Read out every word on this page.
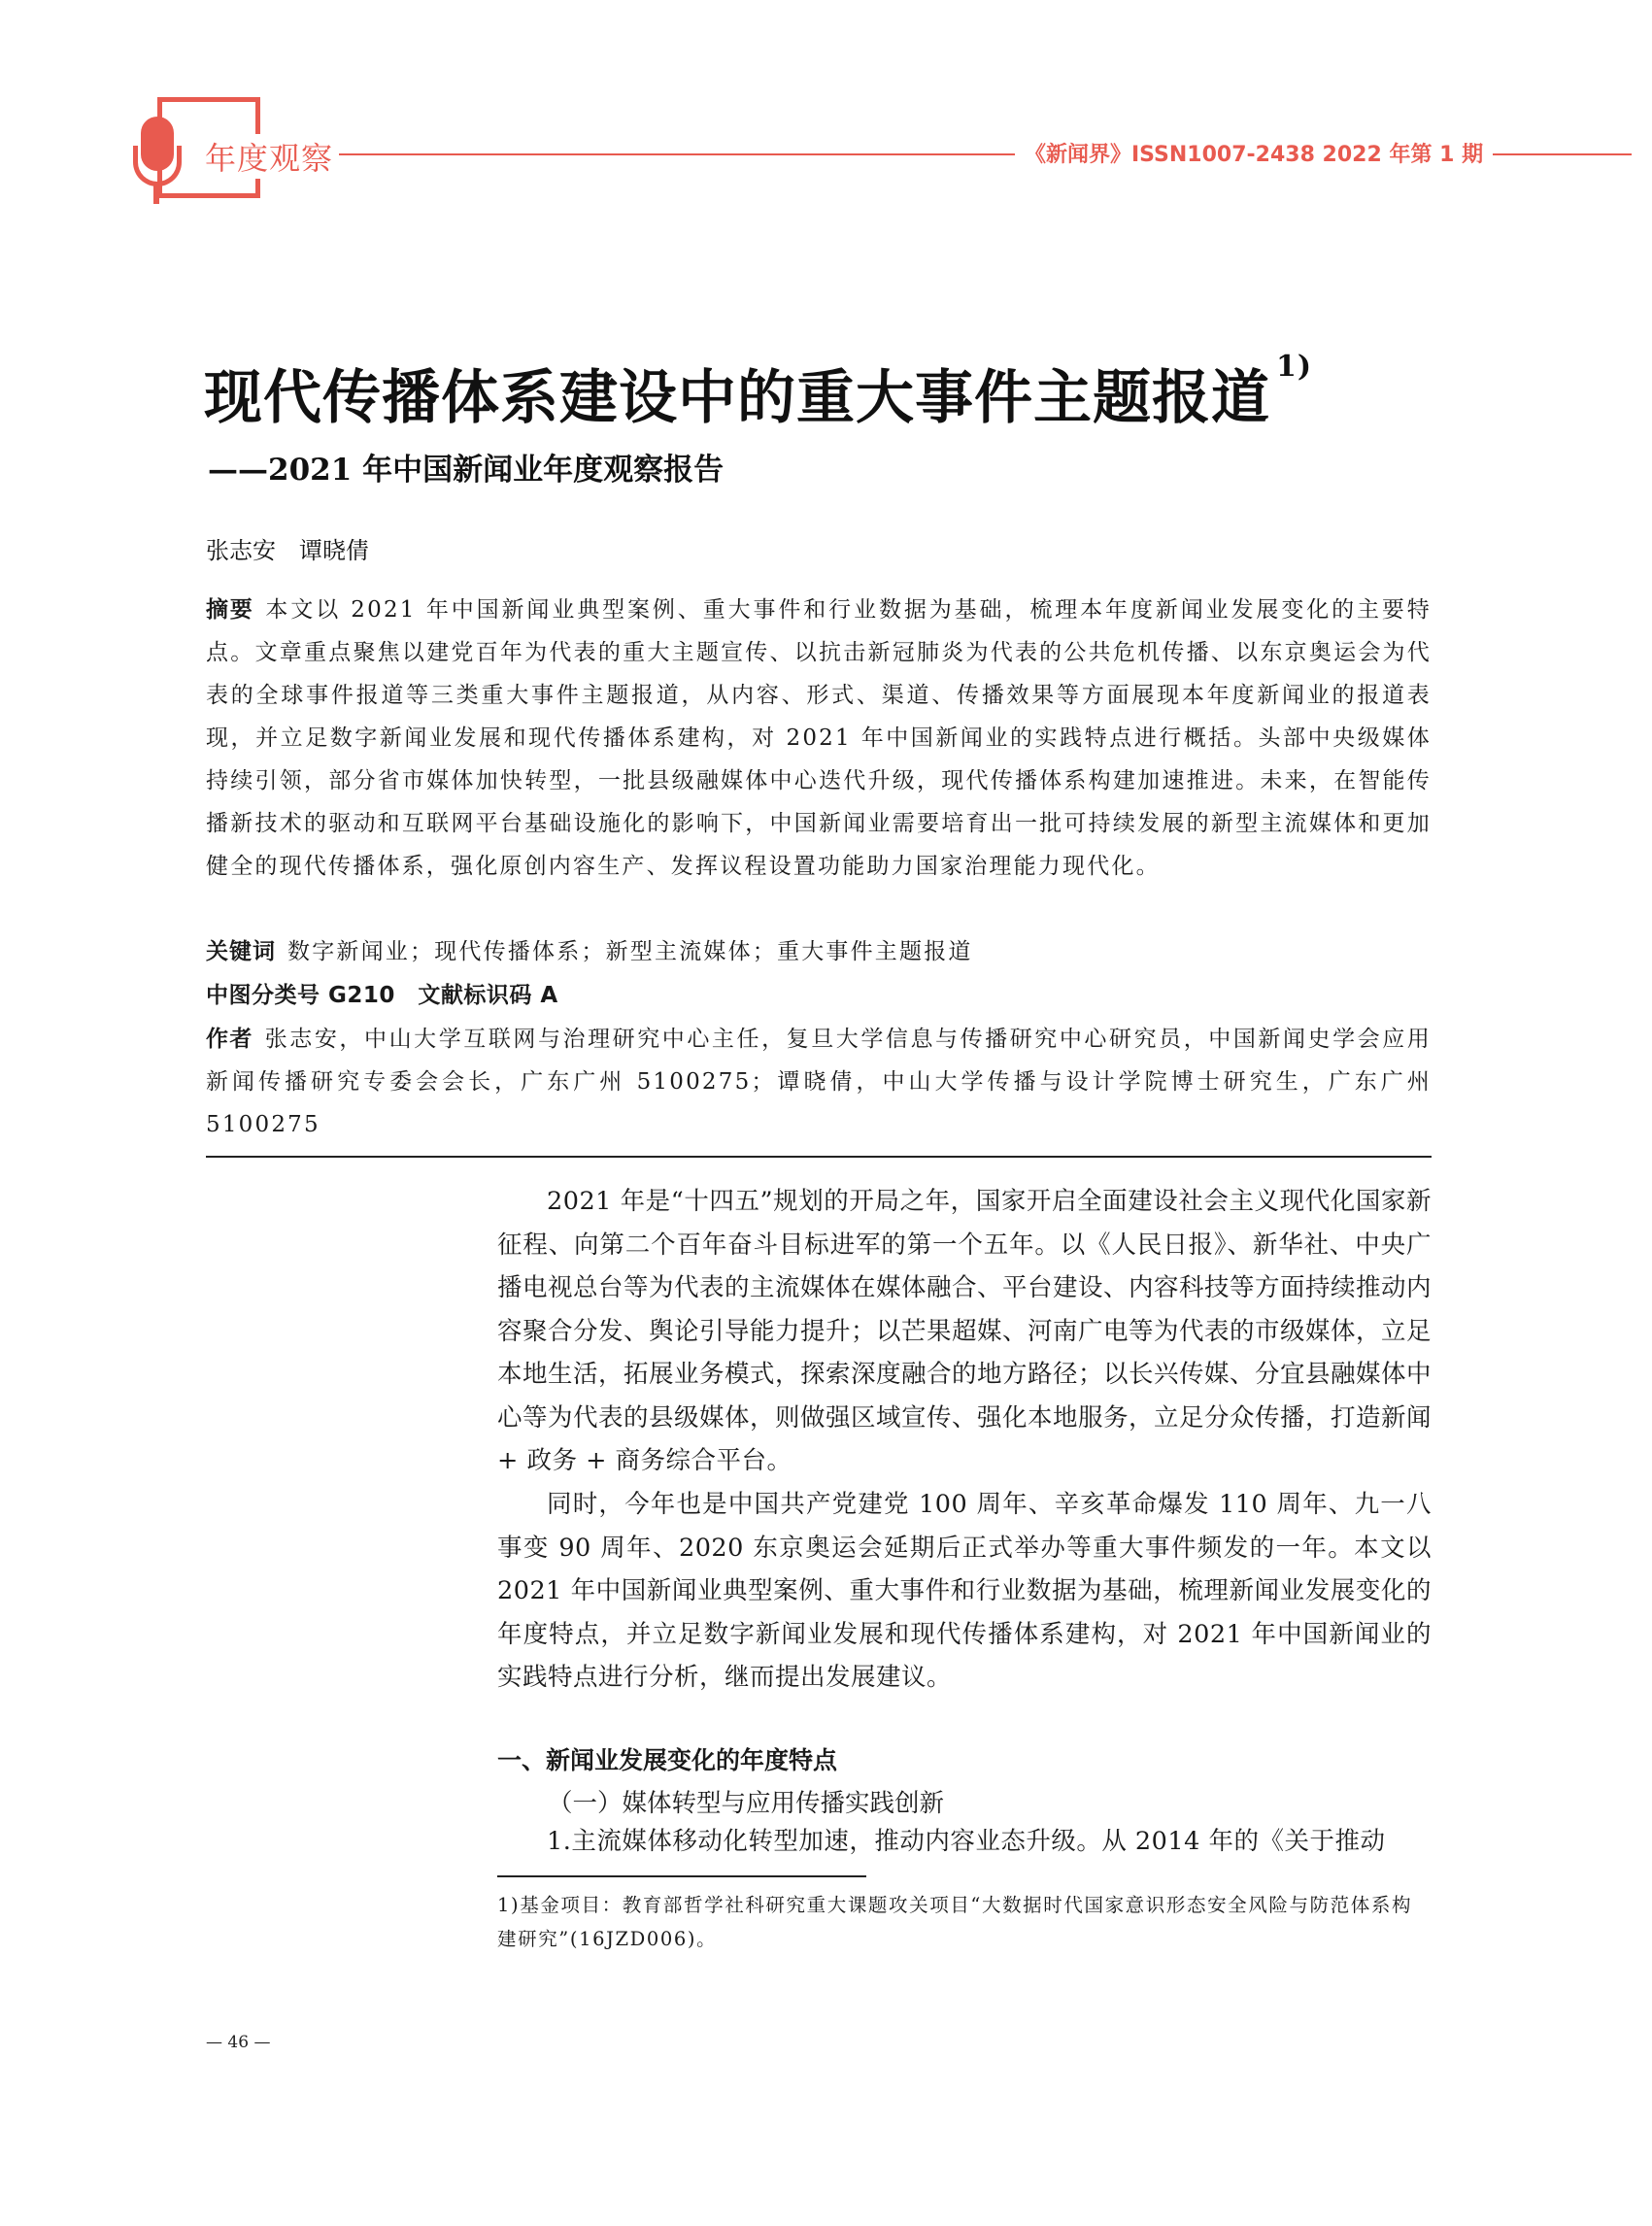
年度观察	《新闻界》ISSN1007-2438 2022 年第 1 期
现代传播体系建设中的重大事件主题报道 $^{1)}$
——2021 年中国新闻业年度观察报告
张志安　谭晓倩
摘要 本文以 2021 年中国新闻业典型案例、重大事件和行业数据为基础，梳理本年度新闻业发展变化的主要特点。文章重点聚焦以建党百年为代表的重大主题宣传、以抗击新冠肺炎为代表的公共危机传播、以东京奥运会为代表的全球事件报道等三类重大事件主题报道，从内容、形式、渠道、传播效果等方面展现本年度新闻业的报道表现，并立足数字新闻业发展和现代传播体系建构，对 2021 年中国新闻业的实践特点进行概括。头部中央级媒体持续引领，部分省市媒体加快转型，一批县级融媒体中心迭代升级，现代传播体系构建加速推进。未来，在智能传播新技术的驱动和互联网平台基础设施化的影响下，中国新闻业需要培育出一批可持续发展的新型主流媒体和更加健全的现代传播体系，强化原创内容生产、发挥议程设置功能助力国家治理能力现代化。
关键词 数字新闻业；现代传播体系；新型主流媒体；重大事件主题报道
中图分类号 G210　文献标识码 A
作者 张志安，中山大学互联网与治理研究中心主任，复旦大学信息与传播研究中心研究员，中国新闻史学会应用新闻传播研究专委会会长，广东广州 5100275；谭晓倩，中山大学传播与设计学院博士研究生，广东广州 5100275

2021 年是“十四五”规划的开局之年，国家开启全面建设社会主义现代化国家新征程、向第二个百年奋斗目标进军的第一个五年。以《人民日报》、新华社、中央广播电视总台等为代表的主流媒体在媒体融合、平台建设、内容科技等方面持续推动内容聚合分发、舆论引导能力提升；以芒果超媒、河南广电等为代表的市级媒体，立足本地生活，拓展业务模式，探索深度融合的地方路径；以长兴传媒、分宜县融媒体中心等为代表的县级媒体，则做强区域宣传、强化本地服务，立足分众传播，打造新闻 + 政务 + 商务综合平台。

同时，今年也是中国共产党建党 100 周年、辛亥革命爆发 110 周年、九一八事变 90 周年、2020 东京奥运会延期后正式举办等重大事件频发的一年。本文以 2021 年中国新闻业典型案例、重大事件和行业数据为基础，梳理新闻业发展变化的年度特点，并立足数字新闻业发展和现代传播体系建构，对 2021 年中国新闻业的实践特点进行分析，继而提出发展建议。

一、新闻业发展变化的年度特点
（一）媒体转型与应用传播实践创新

1.主流媒体移动化转型加速，推动内容业态升级。从 2014 年的《关于推动

1)基金项目：教育部哲学社科研究重大课题攻关项目“大数据时代国家意识形态安全风险与防范体系构建研究”(16JZD006)。
— 46 —
